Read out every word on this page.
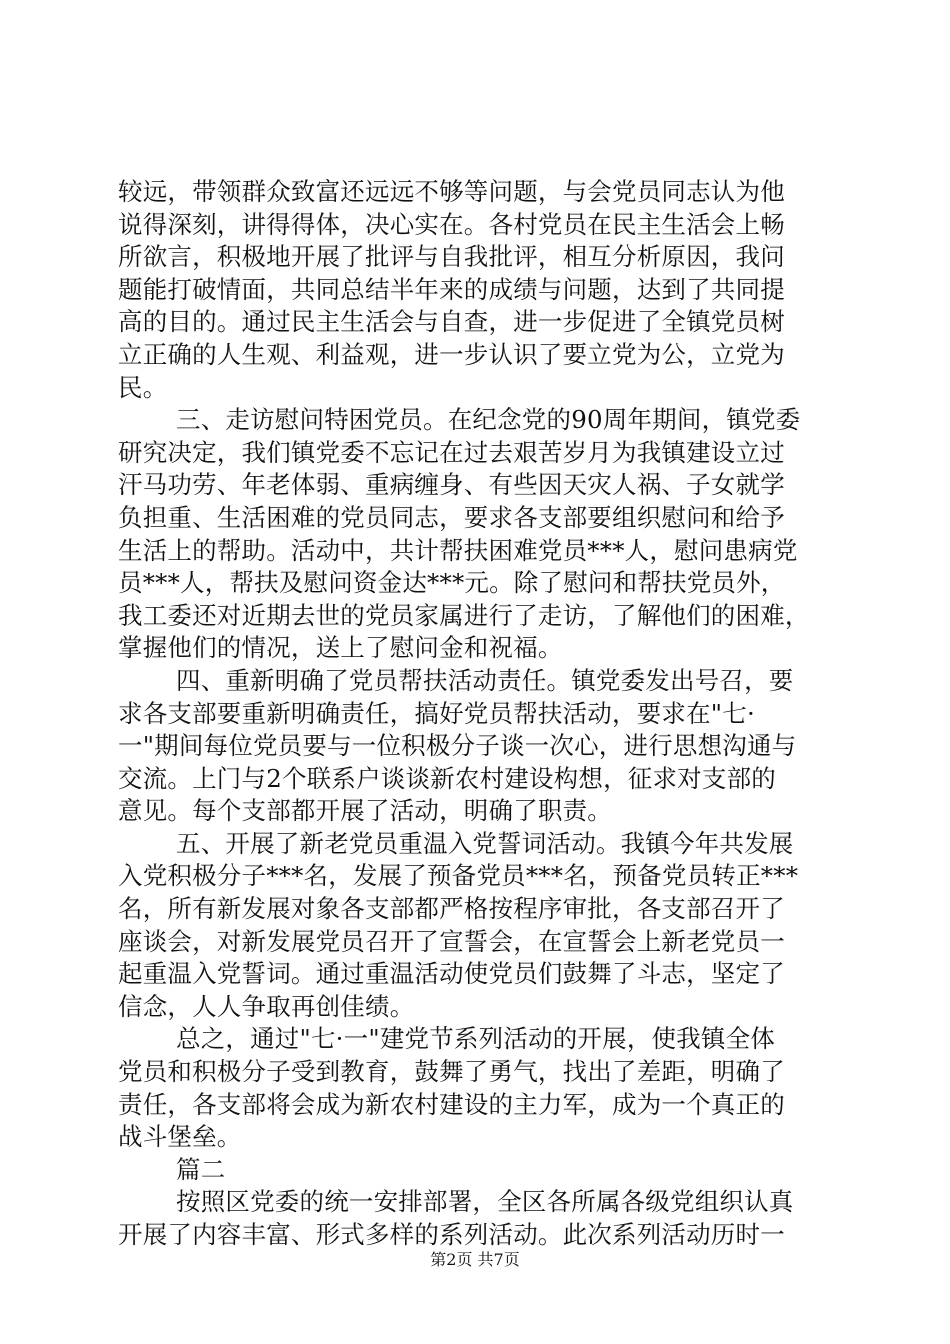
较远，带领群众致富还远远不够等问题，与会党员同志认为他
说得深刻，讲得得体，决心实在。各村党员在民主生活会上畅
所欲言，积极地开展了批评与自我批评，相互分析原因，我问
题能打破情面，共同总结半年来的成绩与问题，达到了共同提
高的目的。通过民主生活会与自查，进一步促进了全镇党员树
立正确的人生观、利益观，进一步认识了要立党为公，立党为
民。
三、走访慰问特困党员。在纪念党的90周年期间，镇党委
研究决定，我们镇党委不忘记在过去艰苦岁月为我镇建设立过
汗马功劳、年老体弱、重病缠身、有些因天灾人祸、子女就学
负担重、生活困难的党员同志，要求各支部要组织慰问和给予
生活上的帮助。活动中，共计帮扶困难党员***人，慰问患病党
员***人，帮扶及慰问资金达***元。除了慰问和帮扶党员外，
我工委还对近期去世的党员家属进行了走访，了解他们的困难，
掌握他们的情况，送上了慰问金和祝福。
四、重新明确了党员帮扶活动责任。镇党委发出号召，要
求各支部要重新明确责任，搞好党员帮扶活动，要求在"七·
一"期间每位党员要与一位积极分子谈一次心，进行思想沟通与
交流。上门与2个联系户谈谈新农村建设构想，征求对支部的
意见。每个支部都开展了活动，明确了职责。
五、开展了新老党员重温入党誓词活动。我镇今年共发展
入党积极分子***名，发展了预备党员***名，预备党员转正***
名，所有新发展对象各支部都严格按程序审批，各支部召开了
座谈会，对新发展党员召开了宣誓会，在宣誓会上新老党员一
起重温入党誓词。通过重温活动使党员们鼓舞了斗志，坚定了
信念，人人争取再创佳绩。
总之，通过"七·一"建党节系列活动的开展，使我镇全体
党员和积极分子受到教育，鼓舞了勇气，找出了差距，明确了
责任，各支部将会成为新农村建设的主力军，成为一个真正的
战斗堡垒。
篇二
按照区党委的统一安排部署，全区各所属各级党组织认真
开展了内容丰富、形式多样的系列活动。此次系列活动历时一
第2页 共7页
